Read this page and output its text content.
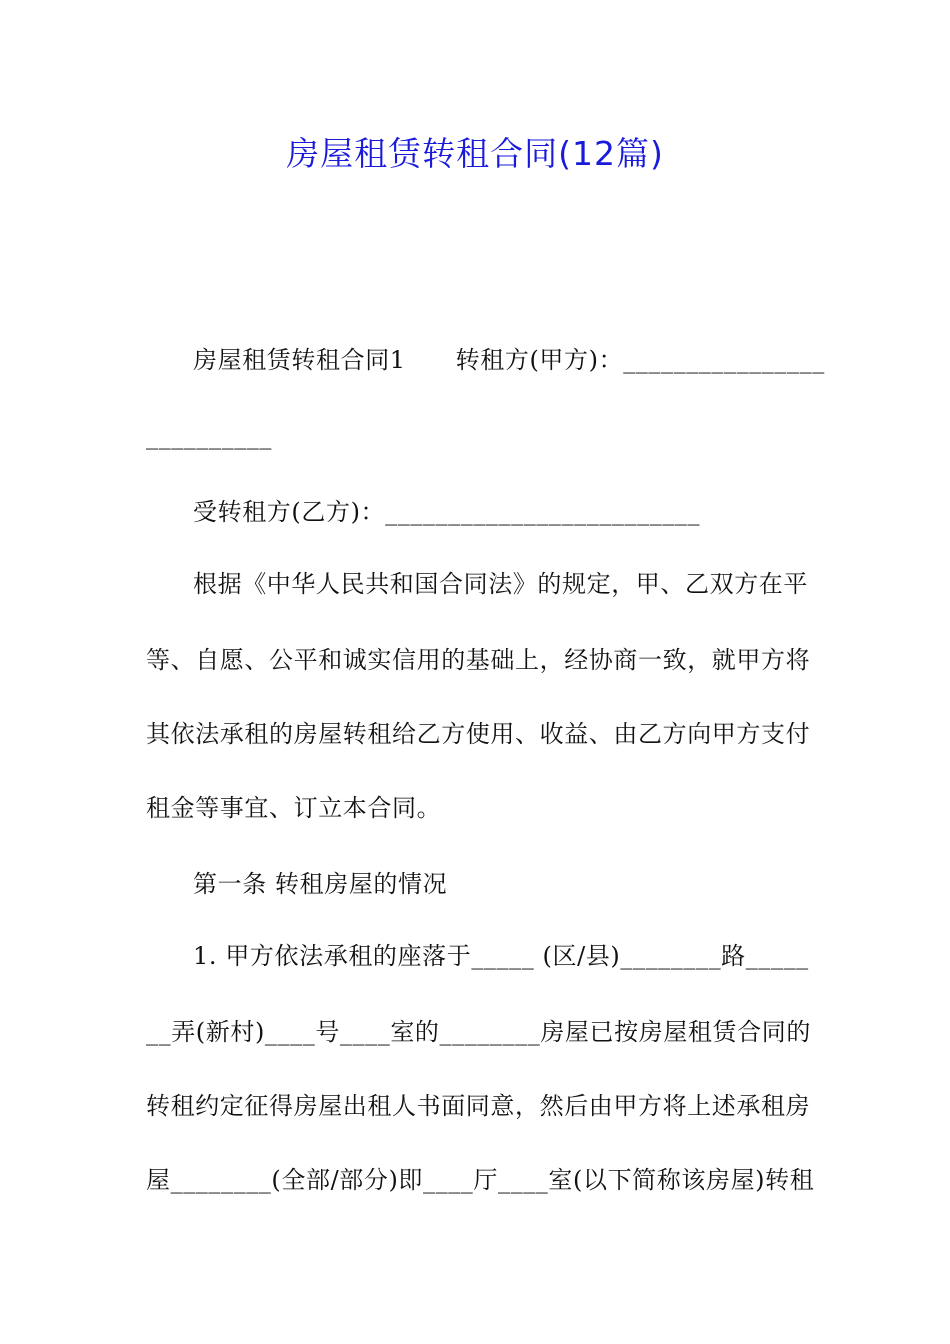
房屋租赁转租合同(12篇)
房屋租赁转租合同1 转租方(甲方)：________________
__________
受转租方(乙方)：_________________________
根据《中华人民共和国合同法》的规定，甲、乙双方在平
等、自愿、公平和诚实信用的基础上，经协商一致，就甲方将
其依法承租的房屋转租给乙方使用、收益、由乙方向甲方支付
租金等事宜、订立本合同。
第一条 转租房屋的情况
1. 甲方依法承租的座落于_____ (区/县)________路_____
__弄(新村)____号____室的________房屋已按房屋租赁合同的
转租约定征得房屋出租人书面同意，然后由甲方将上述承租房
屋________(全部/部分)即____厅____室(以下简称该房屋)转租
